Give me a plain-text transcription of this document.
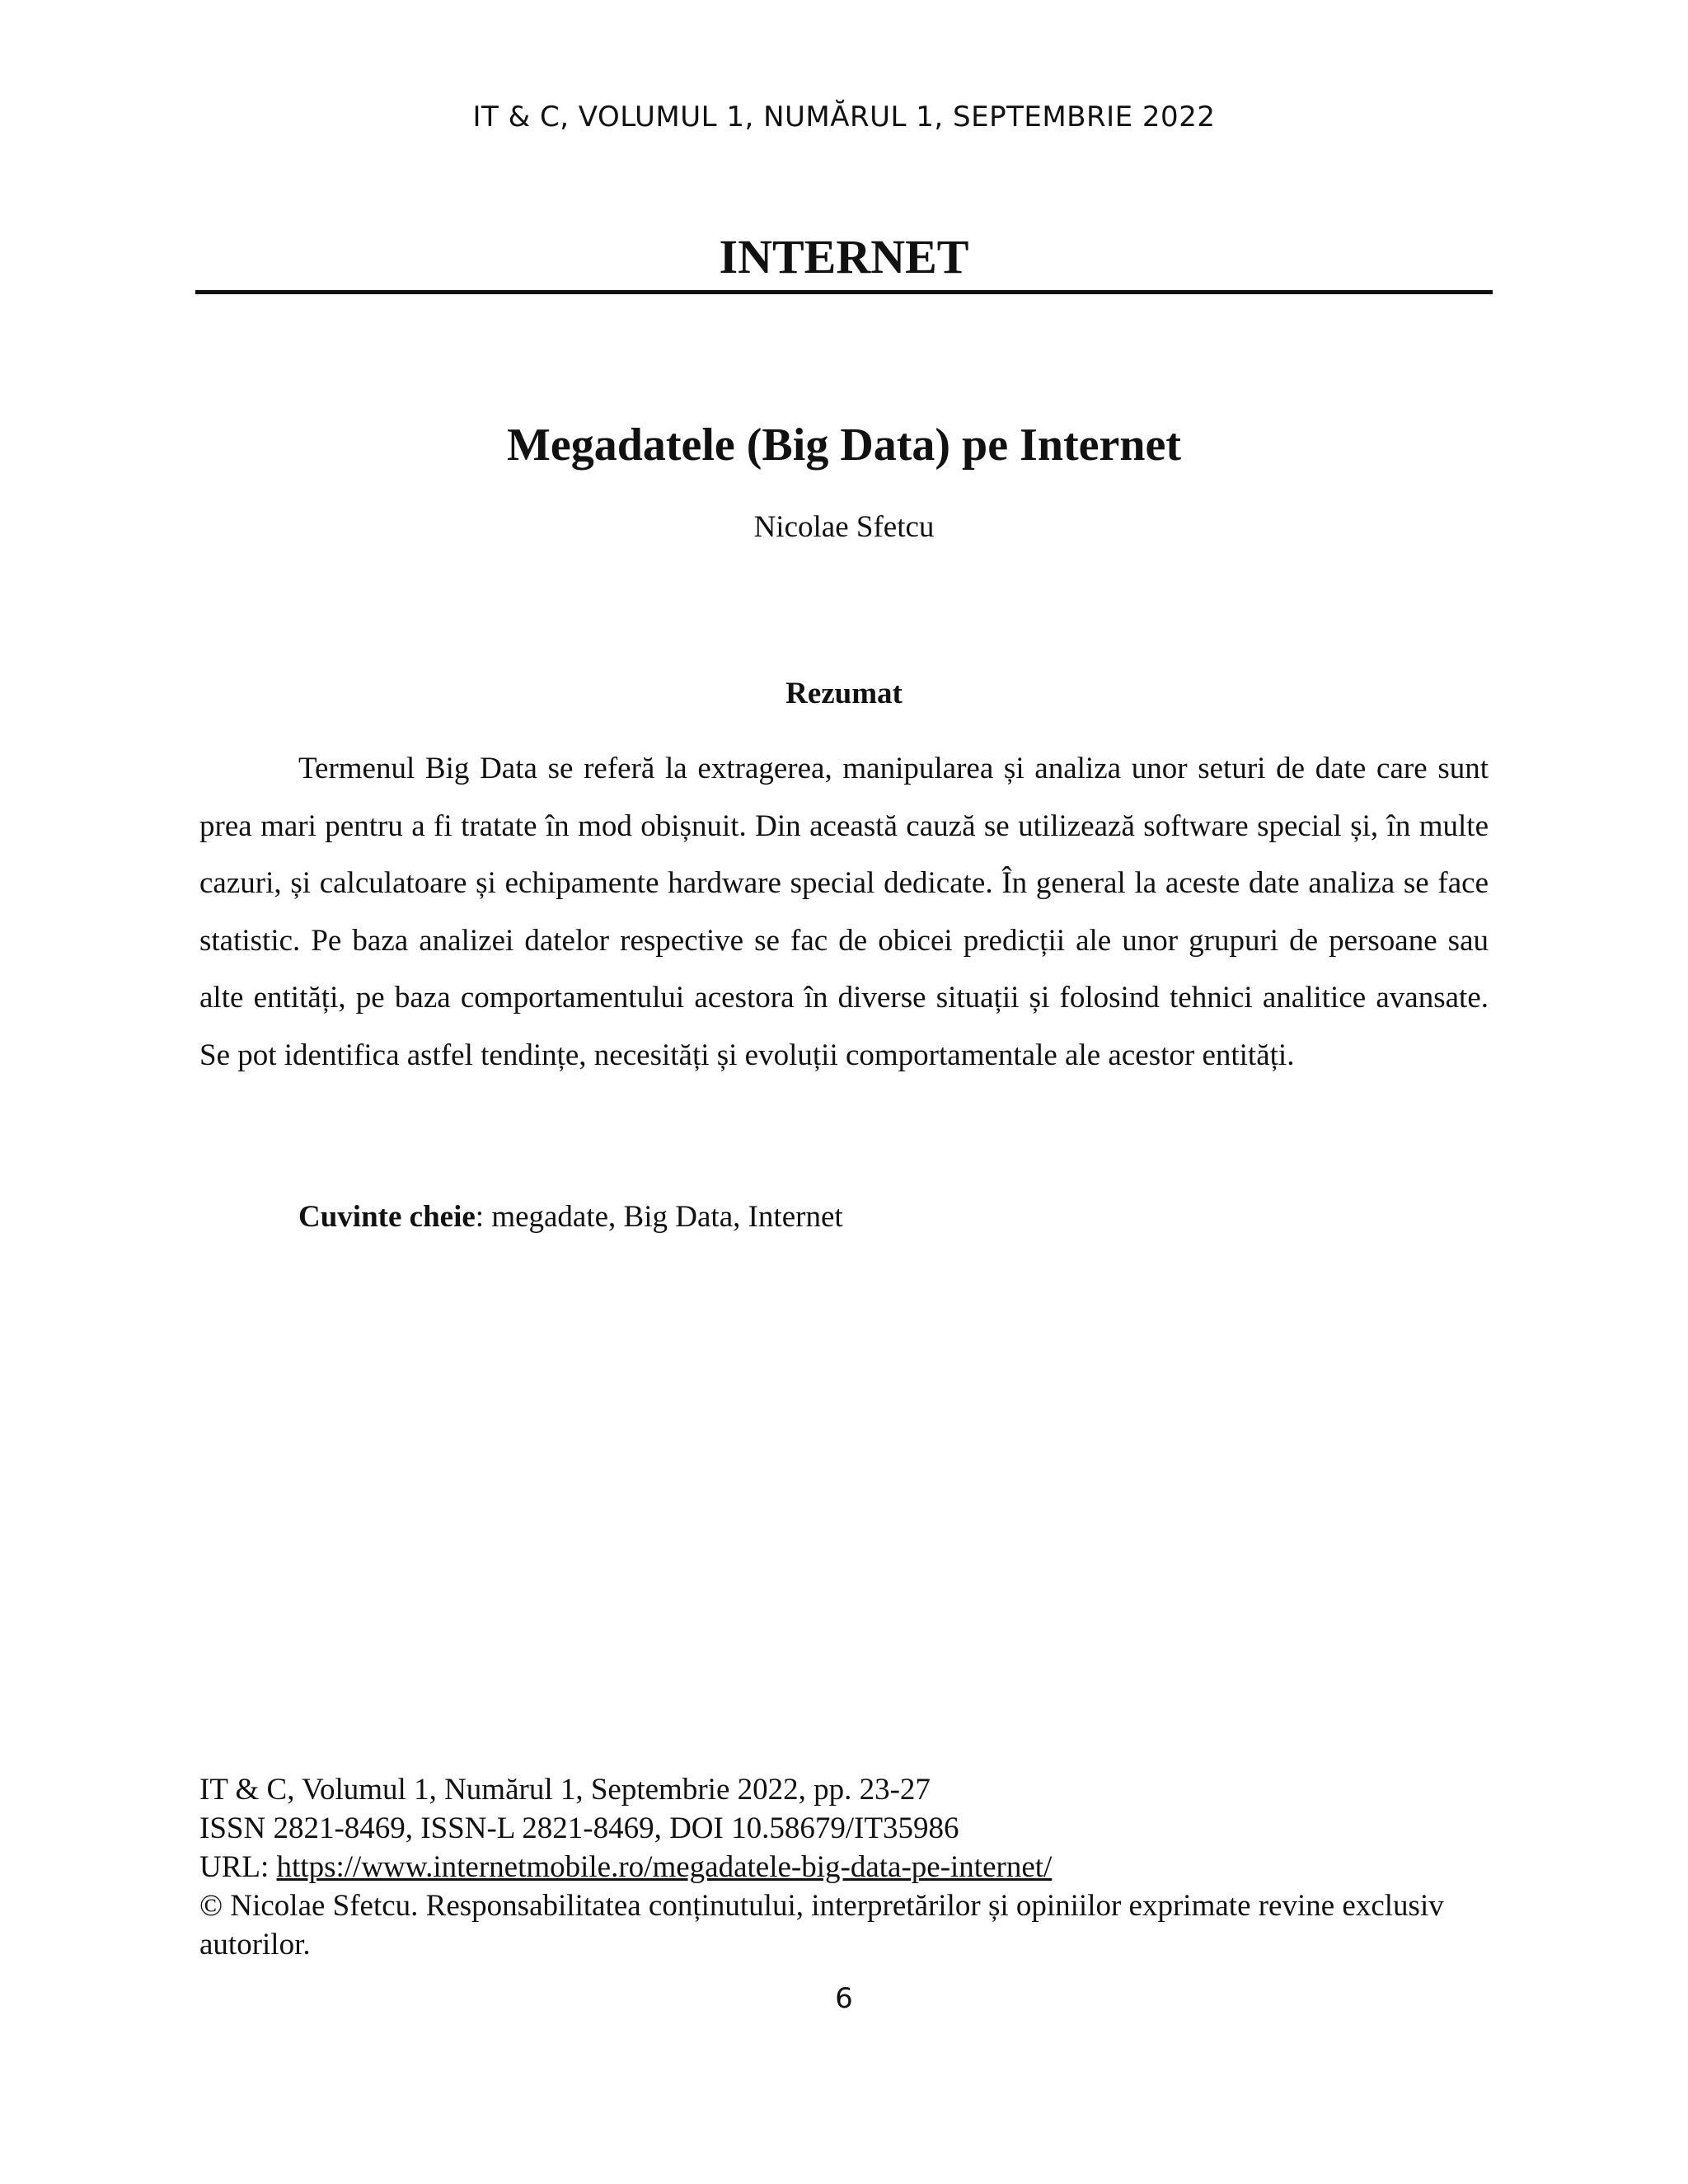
IT & C, VOLUMUL 1, NUMĂRUL 1, SEPTEMBRIE 2022
INTERNET
Megadatele (Big Data) pe Internet
Nicolae Sfetcu
Rezumat

Termenul Big Data se referă la extragerea, manipularea și analiza unor seturi de date care sunt prea mari pentru a fi tratate în mod obișnuit. Din această cauză se utilizează software special și, în multe cazuri, și calculatoare și echipamente hardware special dedicate. În general la aceste date analiza se face statistic. Pe baza analizei datelor respective se fac de obicei predicții ale unor grupuri de persoane sau alte entități, pe baza comportamentului acestora în diverse situații și folosind tehnici analitice avansate. Se pot identifica astfel tendințe, necesități și evoluții comportamentale ale acestor entități.

Cuvinte cheie: megadate, Big Data, Internet
IT & C, Volumul 1, Numărul 1, Septembrie 2022, pp. 23-27
ISSN 2821-8469, ISSN-L 2821-8469, DOI 10.58679/IT35986
URL: https://www.internetmobile.ro/megadatele-big-data-pe-internet/
© Nicolae Sfetcu. Responsabilitatea conținutului, interpretărilor și opiniilor exprimate revine exclusiv autorilor.
6
